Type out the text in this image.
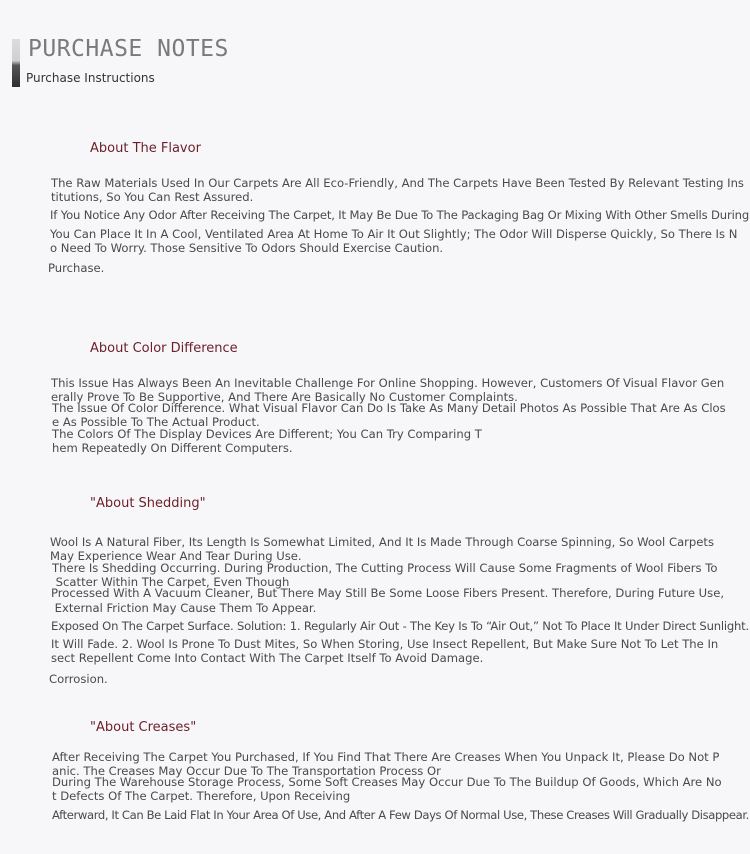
PURCHASE NOTES
Purchase Instructions
About The Flavor
The Raw Materials Used In Our Carpets Are All Eco-Friendly, And The Carpets Have Been Tested By Relevant Testing Ins
titutions, So You Can Rest Assured.
If You Notice Any Odor After Receiving The Carpet, It May Be Due To The Packaging Bag Or Mixing With Other Smells During
You Can Place It In A Cool, Ventilated Area At Home To Air It Out Slightly; The Odor Will Disperse Quickly, So There Is N
o Need To Worry. Those Sensitive To Odors Should Exercise Caution.
Purchase.
About Color Difference
This Issue Has Always Been An Inevitable Challenge For Online Shopping. However, Customers Of Visual Flavor Gen
erally Prove To Be Supportive, And There Are Basically No Customer Complaints.
The Issue Of Color Difference. What Visual Flavor Can Do Is Take As Many Detail Photos As Possible That Are As Clos
e As Possible To The Actual Product.
The Colors Of The Display Devices Are Different; You Can Try Comparing T
hem Repeatedly On Different Computers.
"About Shedding"
Wool Is A Natural Fiber, Its Length Is Somewhat Limited, And It Is Made Through Coarse Spinning, So Wool Carpets
May Experience Wear And Tear During Use.
There Is Shedding Occurring. During Production, The Cutting Process Will Cause Some Fragments of Wool Fibers To
Scatter Within The Carpet, Even Though
Processed With A Vacuum Cleaner, But There May Still Be Some Loose Fibers Present. Therefore, During Future Use,
External Friction May Cause Them To Appear.
Exposed On The Carpet Surface. Solution: 1. Regularly Air Out - The Key Is To “Air Out,” Not To Place It Under Direct Sunlight.
It Will Fade. 2. Wool Is Prone To Dust Mites, So When Storing, Use Insect Repellent, But Make Sure Not To Let The In
sect Repellent Come Into Contact With The Carpet Itself To Avoid Damage.
Corrosion.
"About Creases"
After Receiving The Carpet You Purchased, If You Find That There Are Creases When You Unpack It, Please Do Not P
anic. The Creases May Occur Due To The Transportation Process Or
During The Warehouse Storage Process, Some Soft Creases May Occur Due To The Buildup Of Goods, Which Are No
t Defects Of The Carpet. Therefore, Upon Receiving
Afterward, It Can Be Laid Flat In Your Area Of Use, And After A Few Days Of Normal Use, These Creases Will Gradually Disappear.
